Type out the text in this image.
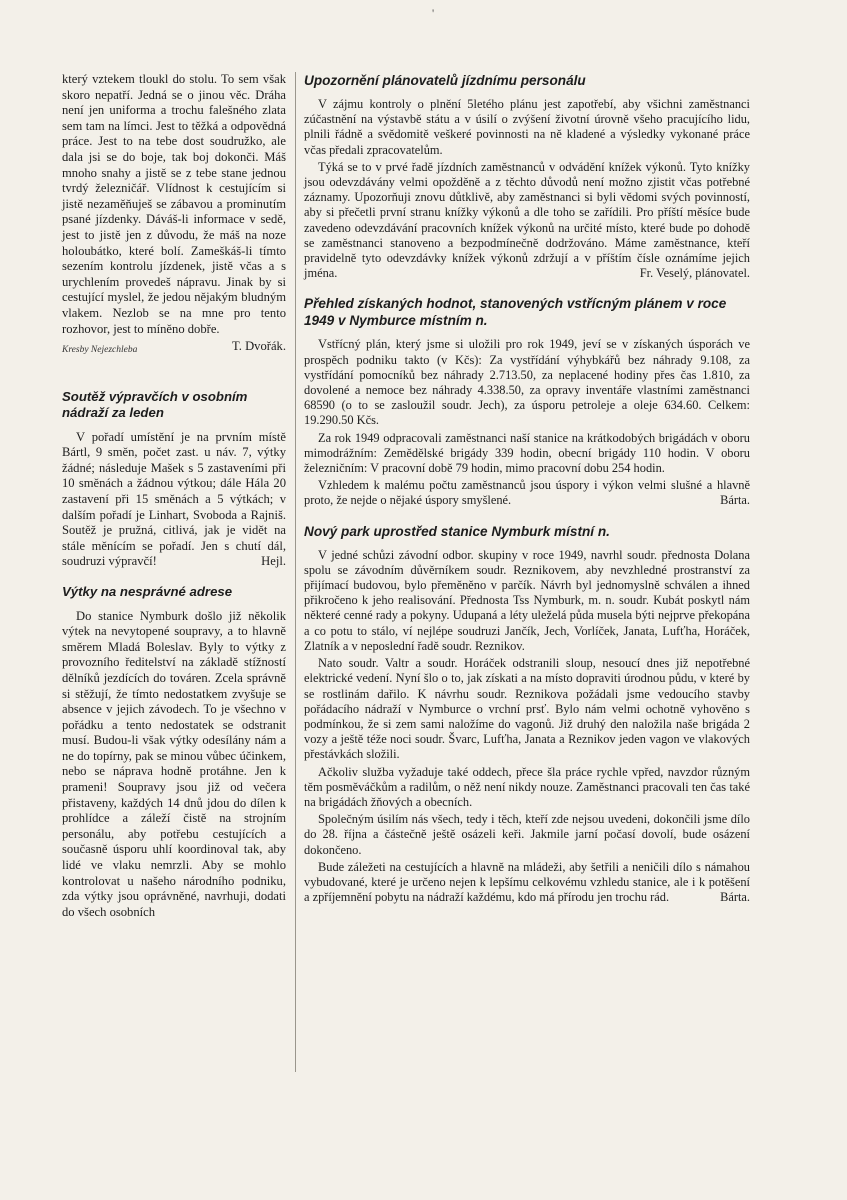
'

který vztekem tloukl do stolu. To sem však skoro nepatří. Jedná se o jinou věc. Dráha není jen uniforma a trochu falešného zlata sem tam na límci. Jest to těžká a odpovědná práce. Jest to na tebe dost soudružko, ale dala jsi se do boje, tak boj dokonči. Máš mnoho snahy a jistě se z tebe stane jednou tvrdý železničář. Vlídnost k cestujícím si jistě nezaměňuješ se zábavou a prominutím psané jízdenky. Dáváš-li informace v sedě, jest to jistě jen z důvodu, že máš na noze holoubátko, které bolí. Zameškáš-li tímto sezením kontrolu jízdenek, jistě včas a s urychlením provedeš nápravu. Jinak by si cestující myslel, že jedou nějakým bludným vlakem. Nezlob se na mne pro tento rozhovor, jest to míněno dobře.

T. Dvořák.
Kresby Nejezchleba
Soutěž výpravčích v osobním nádraží za leden

V pořadí umístění je na prvním místě Bártl, 9 směn, počet zast. u náv. 7, výtky žádné; následuje Mašek s 5 zastaveními při 10 směnách a žádnou výtkou; dále Hála 20 zastavení při 15 směnách a 5 výtkách; v dalším pořadí je Linhart, Svoboda a Rajniš. Soutěž je pružná, citlivá, jak je vidět na stále měnícím se pořadí. Jen s chutí dál, soudruzi výpravčí!	Hejl.

Výtky na nesprávné adrese

Do stanice Nymburk došlo již několik výtek na nevytopené soupravy, a to hlavně směrem Mladá Boleslav. Byly to výtky z provozního ředitelství na základě stížností dělníků jezdících do továren. Zcela správně si stěžují, že tímto nedostatkem zvyšuje se absence v jejich závodech. To je všechno v pořádku a tento nedostatek se odstranit musí. Budou-li však výtky odesílány nám a ne do topírny, pak se minou vůbec účinkem, nebo se náprava hodně protáhne. Jen k prameni! Soupravy jsou již od večera přistaveny, každých 14 dnů jdou do dílen k prohlídce a záleží čistě na strojním personálu, aby potřebu cestujících a současně úsporu uhlí koordinoval tak, aby lidé ve vlaku nemrzli. Aby se mohlo kontrolovat u našeho národního podniku, zda výtky jsou oprávněné, navrhuji, dodati do všech osobních

Upozornění plánovatelů jízdnímu personálu

V zájmu kontroly o plnění 5letého plánu jest zapotřebí, aby všichni zaměstnanci zúčastnění na výstavbě státu a v úsilí o zvýšení životní úrovně všeho pracujícího lidu, plnili řádně a svědomitě veškeré povinnosti na ně kladené a výsledky vykonané práce včas předali zpracovatelům.

Týká se to v prvé řadě jízdních zaměstnanců v odvádění knížek výkonů. Tyto knížky jsou odevzdávány velmi opožděně a z těchto důvodů není možno zjistit včas potřebné záznamy. Upozorňuji znovu důtklivě, aby zaměstnanci si byli vědomi svých povinností, aby si přečetli první stranu knížky výkonů a dle toho se zařídili. Pro příští měsíce bude zavedeno odevzdávání pracovních knížek výkonů na určité místo, které bude po dohodě se zaměstnanci stanoveno a bezpodmínečně dodržováno. Máme zaměstnance, kteří pravidelně tyto odevzdávky knížek výkonů zdržují a v příštím čísle oznámíme jejich jména.	Fr. Veselý, plánovatel.

Přehled získaných hodnot, stanovených vstřícným plánem v roce 1949 v Nymburce místním n.

Vstřícný plán, který jsme si uložili pro rok 1949, jeví se v získaných úsporách ve prospěch podniku takto (v Kčs): Za vystřídání výhybkářů bez náhrady 9.108, za vystřídání pomocníků bez náhrady 2.713.50, za neplacené hodiny přes čas 1.810, za dovolené a nemoce bez náhrady 4.338.50, za opravy inventáře vlastními zaměstnanci 68590 (o to se zasloužil soudr. Jech), za úsporu petroleje a oleje 634.60. Celkem: 19.290.50 Kčs.

Za rok 1949 odpracovali zaměstnanci naší stanice na krátkodobých brigádách v oboru mimodrážním: Zemědělské brigády 339 hodin, obecní brigády 110 hodin. V oboru železničním: V pracovní době 79 hodin, mimo pracovní dobu 254 hodin.

Vzhledem k malému počtu zaměstnanců jsou úspory i výkon velmi slušné a hlavně proto, že nejde o nějaké úspory smyšlené.	Bárta.

Nový park uprostřed stanice Nymburk místní n.

V jedné schůzi závodní odbor. skupiny v roce 1949, navrhl soudr. přednosta Dolana spolu se závodním důvěrníkem soudr. Reznikovem, aby nevzhledné prostranství za přijímací budovou, bylo přeměněno v parčík. Návrh byl jednomyslně schválen a ihned přikročeno k jeho realisování. Přednosta Tss Nymburk, m. n. soudr. Kubát poskytl nám některé cenné rady a pokyny. Udupaná a léty uleželá půda musela býti nejprve překopána a co potu to stálo, ví nejlépe soudruzi Jančík, Jech, Vorlíček, Janata, Lufťha, Horáček, Zlatník a v neposlední řadě soudr. Reznikov.

Nato soudr. Valtr a soudr. Horáček odstranili sloup, nesoucí dnes již nepotřebné elektrické vedení. Nyní šlo o to, jak získati a na místo dopraviti úrodnou půdu, v které by se rostlinám dařilo. K návrhu soudr. Reznikova požádali jsme vedoucího stavby pořádacího nádraží v Nymburce o vrchní prsť. Bylo nám velmi ochotně vyhověno s podmínkou, že si zem sami naložíme do vagonů. Již druhý den naložila naše brigáda 2 vozy a ještě téže noci soudr. Švarc, Lufťha, Janata a Reznikov jeden vagon ve vlakových přestávkách složili.

Ačkoliv služba vyžaduje také oddech, přece šla práce rychle vpřed, navzdor různým těm posměváčkům a radilům, o něž není nikdy nouze. Zaměstnanci pracovali ten čas také na brigádách žňových a obecních.

Společným úsilím nás všech, tedy i těch, kteří zde nejsou uvedeni, dokončili jsme dílo do 28. října a částečně ještě osázeli keři. Jakmile jarní počasí dovolí, bude osázení dokončeno.

Bude záležeti na cestujících a hlavně na mládeži, aby šetřili a neničili dílo s námahou vybudované, které je určeno nejen k lepšímu celkovému vzhledu stanice, ale i k potěšení a zpříjemnění pobytu na nádraží každému, kdo má přírodu jen trochu rád.	Bárta.
